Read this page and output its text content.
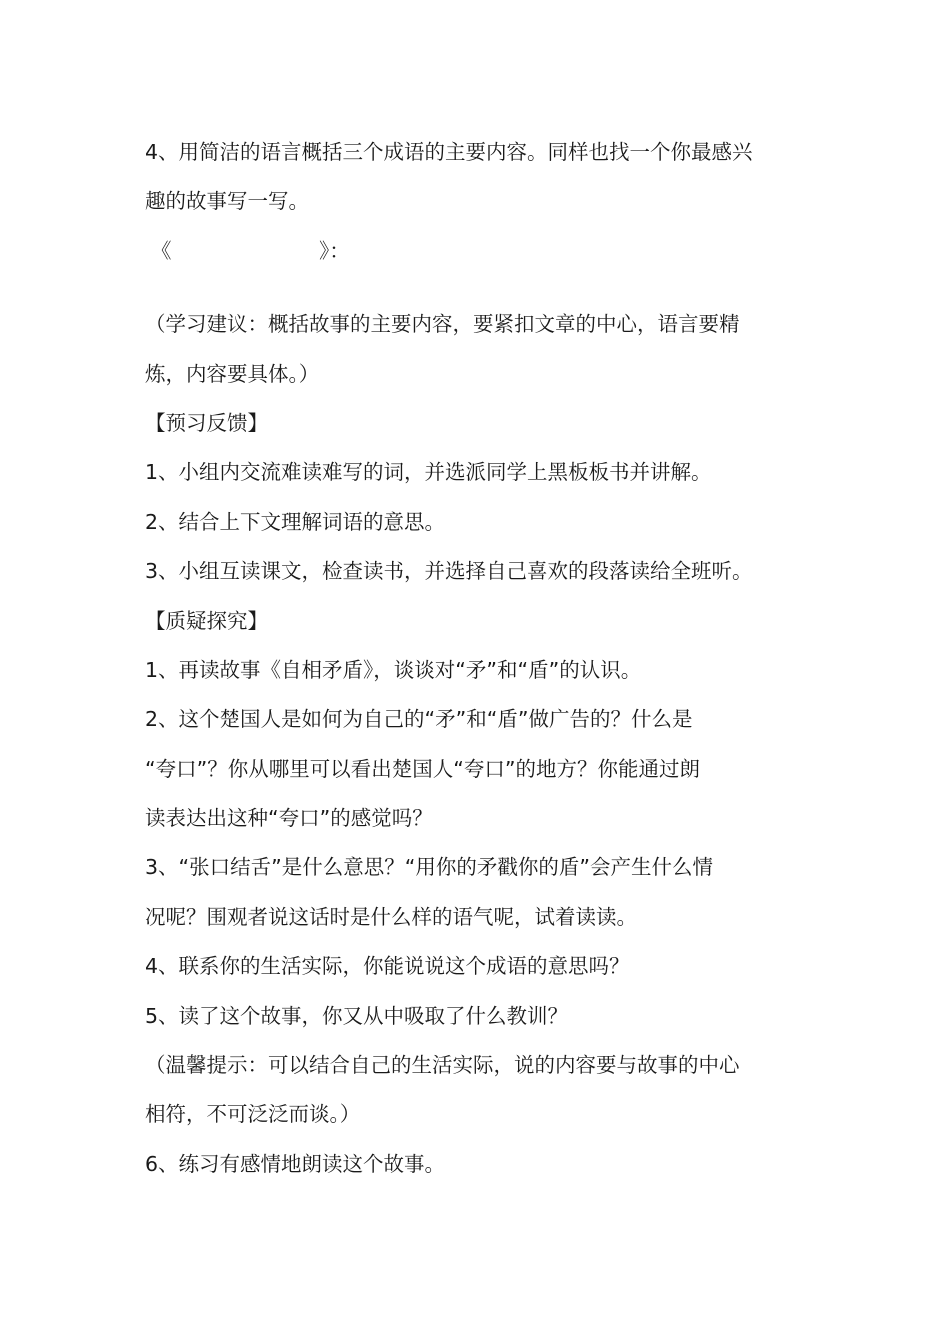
4、用简洁的语言概括三个成语的主要内容。同样也找一个你最感兴

趣的故事写一写。

《	》：

（学习建议：概括故事的主要内容，要紧扣文章的中心，语言要精

炼，内容要具体。）

【预习反馈】

1、小组内交流难读难写的词，并选派同学上黑板板书并讲解。

2、结合上下文理解词语的意思。

3、小组互读课文，检查读书，并选择自己喜欢的段落读给全班听。

【质疑探究】

1、再读故事《自相矛盾》，谈谈对“矛”和“盾”的认识。

2、这个楚国人是如何为自己的“矛”和“盾”做广告的？什么是

“夸口”？你从哪里可以看出楚国人“夸口”的地方？你能通过朗

读表达出这种“夸口”的感觉吗？

3、“张口结舌”是什么意思？“用你的矛戳你的盾”会产生什么情

况呢？围观者说这话时是什么样的语气呢，试着读读。

4、联系你的生活实际，你能说说这个成语的意思吗？

5、读了这个故事，你又从中吸取了什么教训？

（温馨提示：可以结合自己的生活实际，说的内容要与故事的中心

相符，不可泛泛而谈。）

6、练习有感情地朗读这个故事。
